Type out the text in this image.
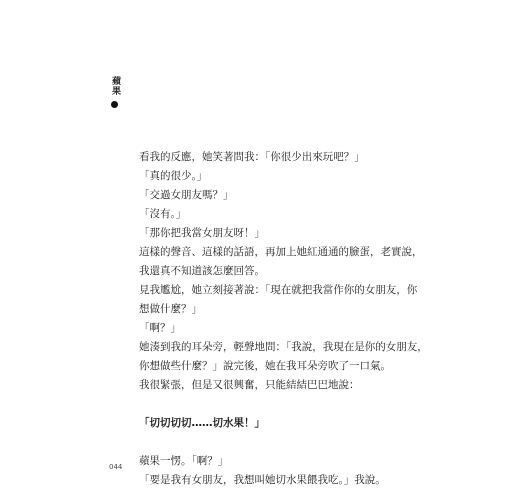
蘋果
看我的反應，她笑著問我：「你很少出來玩吧？」
「真的很少。」
「交過女朋友嗎？」
「沒有。」
「那你把我當女朋友呀！」
這樣的聲音、這樣的話語，再加上她紅通通的臉蛋，老實說，
我還真不知道該怎麼回答。
見我尷尬，她立刻接著說：「現在就把我當作你的女朋友，你
想做什麼？」
「啊？」
她湊到我的耳朵旁，輕聲地問：「我說，我現在是你的女朋友，
你想做些什麼？」說完後，她在我耳朵旁吹了一口氣。
我很緊張，但是又很興奮，只能結結巴巴地說：
「切切切切……切水果！」
蘋果一愣。「啊？」
「要是我有女朋友，我想叫她切水果餵我吃。」我說。
044
